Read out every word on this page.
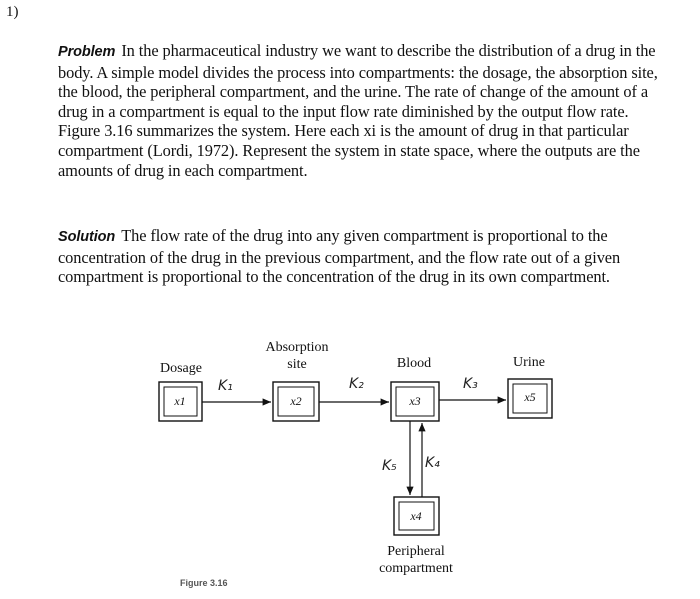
1)
Problem In the pharmaceutical industry we want to describe the distribution of a drug in the body. A simple model divides the process into compartments: the dosage, the absorption site, the blood, the peripheral compartment, and the urine. The rate of change of the amount of a drug in a compartment is equal to the input flow rate diminished by the output flow rate. Figure 3.16 summarizes the system. Here each xi is the amount of drug in that particular compartment (Lordi, 1972). Represent the system in state space, where the outputs are the amounts of drug in each compartment.
Solution The flow rate of the drug into any given compartment is proportional to the concentration of the drug in the previous compartment, and the flow rate out of a given compartment is proportional to the concentration of the drug in its own compartment.
Dosage
Absorption
site	Blood	Urine
x1	x2	x3	x5
x4
Peripheral
compartment
K₁	K₂	K₃
K₄
K₅
Figure 3.16
